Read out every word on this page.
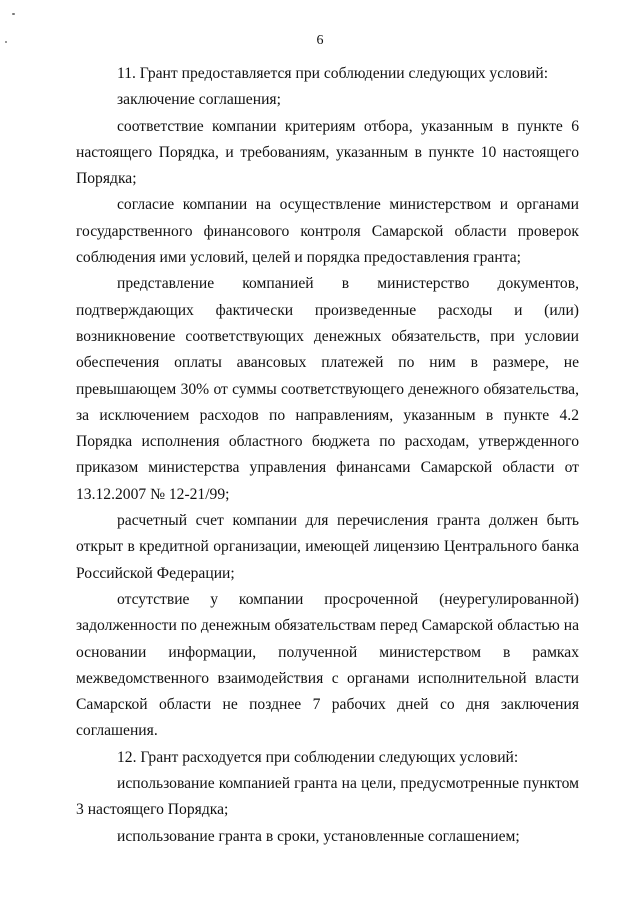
6

11. Грант предоставляется при соблюдении следующих условий:

заключение соглашения;

соответствие компании критериям отбора, указанным в пункте 6 настоящего Порядка, и требованиям, указанным в пункте 10 настоящего Порядка;

согласие компании на осуществление министерством и органами государственного финансового контроля Самарской области проверок соблюдения ими условий, целей и порядка предоставления гранта;

представление компанией в министерство документов, подтверждающих фактически произведенные расходы и (или) возникновение соответствующих денежных обязательств, при условии обеспечения оплаты авансовых платежей по ним в размере, не превышающем 30% от суммы соответствующего денежного обязательства, за исключением расходов по направлениям, указанным в пункте 4.2 Порядка исполнения областного бюджета по расходам, утвержденного приказом министерства управления финансами Самарской области от 13.12.2007 № 12-21/99;

расчетный счет компании для перечисления гранта должен быть открыт в кредитной организации, имеющей лицензию Центрального банка Российской Федерации;

отсутствие у компании просроченной (неурегулированной) задолженности по денежным обязательствам перед Самарской областью на основании информации, полученной министерством в рамках межведомственного взаимодействия с органами исполнительной власти Самарской области не позднее 7 рабочих дней со дня заключения соглашения.

12. Грант расходуется при соблюдении следующих условий:

использование компанией гранта на цели, предусмотренные пунктом 3 настоящего Порядка;

использование гранта в сроки, установленные соглашением;
